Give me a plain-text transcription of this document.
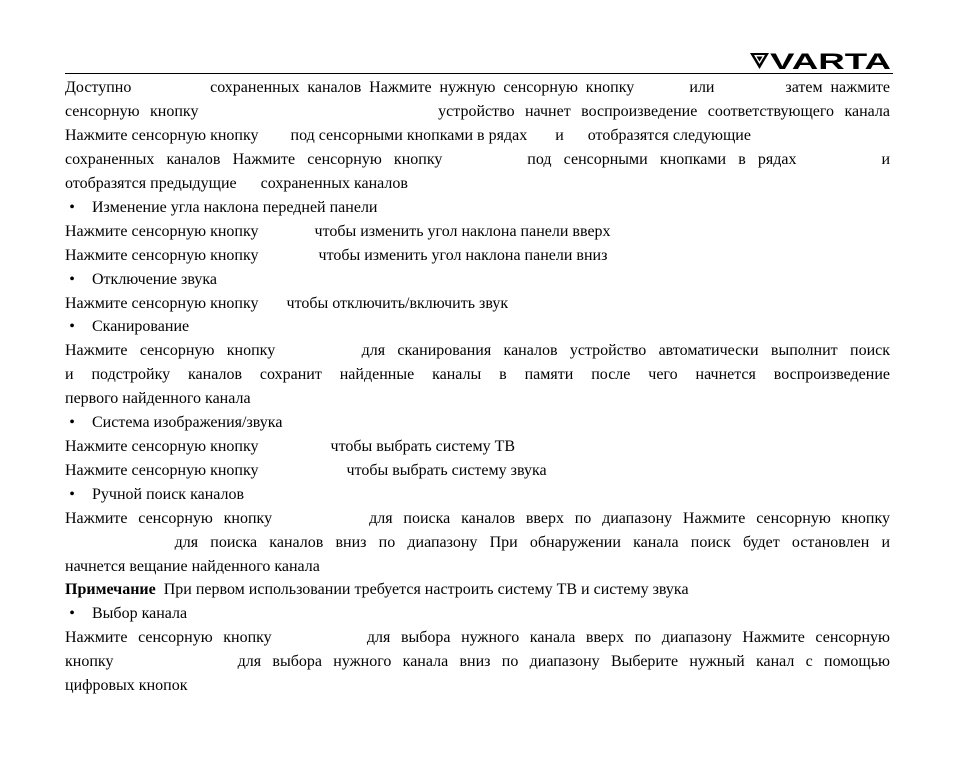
VARTA
Доступно          сохраненных каналов Нажмите нужную сенсорную кнопку       или         затем нажмите
сенсорную кнопку                       устройство начнет воспроизведение соответствующего канала
Нажмите сенсорную кнопку        под сенсорными кнопками в рядах       и      отобразятся следующие
сохраненных каналов Нажмите сенсорную кнопку       под сенсорными кнопками в рядах       и
отобразятся предыдущие      сохраненных каналов
• Изменение угла наклона передней панели
Нажмите сенсорную кнопку              чтобы изменить угол наклона панели вверх
Нажмите сенсорную кнопку               чтобы изменить угол наклона панели вниз
• Отключение звука
Нажмите сенсорную кнопку       чтобы отключить/включить звук
• Сканирование
Нажмите сенсорную кнопку       для сканирования каналов устройство автоматически выполнит поиск
и подстройку каналов сохранит найденные каналы в памяти после чего начнется воспроизведение
первого найденного канала
• Система изображения/звука
Нажмите сенсорную кнопку                  чтобы выбрать систему ТВ
Нажмите сенсорную кнопку                      чтобы выбрать систему звука
• Ручной поиск каналов
Нажмите сенсорную кнопку         для поиска каналов вверх по диапазону Нажмите сенсорную кнопку
для поиска каналов вниз по диапазону При обнаружении канала поиск будет остановлен и
начнется вещание найденного канала
Примечание  При первом использовании требуется настроить систему ТВ и систему звука
• Выбор канала
Нажмите сенсорную кнопку         для выбора нужного канала вверх по диапазону Нажмите сенсорную
кнопку           для выбора нужного канала вниз по диапазону Выберите нужный канал с помощью
цифровых кнопок
